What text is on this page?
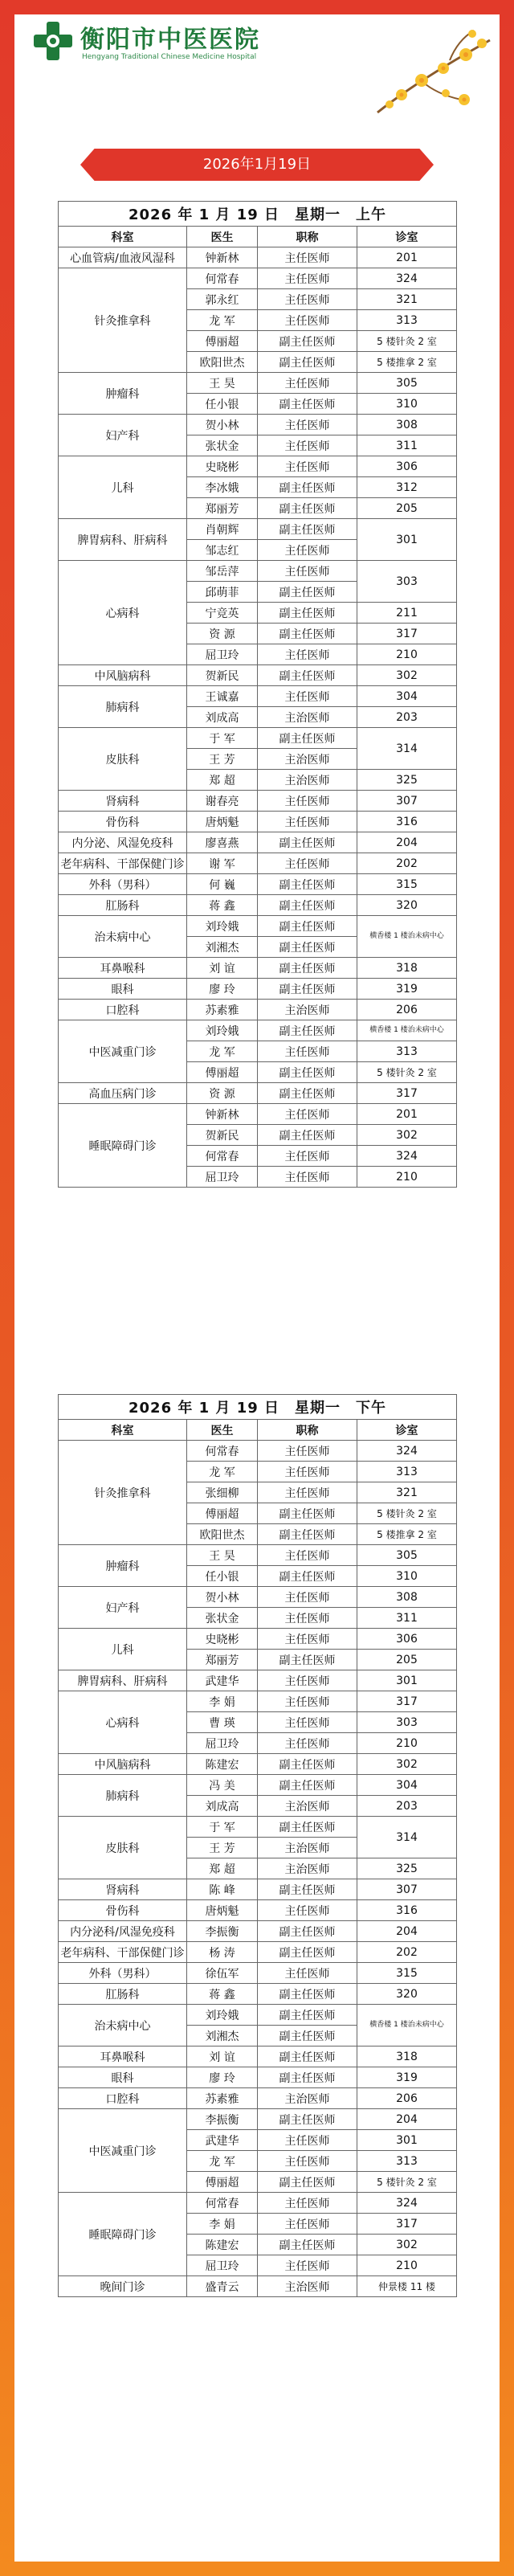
衡阳市中医医院
Hengyang Traditional Chinese Medicine Hospital
2026年1月19日
2026 年 1 月 19 日　星期一　上午			
科室	医生	职称	诊室
心血管病/血液风湿科	钟新林	主任医师	201
针灸推拿科	何常春	主任医师	324
	郭永红	主任医师	321
	龙 军	主任医师	313
	傅丽超	副主任医师	5 楼针灸 2 室
	欧阳世杰	副主任医师	5 楼推拿 2 室
肿瘤科	王 昊	主任医师	305
	任小银	副主任医师	310
妇产科	贺小林	主任医师	308
	张状金	主任医师	311
儿科	史晓彬	主任医师	306
	李冰娥	副主任医师	312
	郑丽芳	副主任医师	205
脾胃病科、肝病科	肖朝辉	副主任医师	301
	邹志红	主任医师	
心病科	邹岳萍	主任医师	303
	邱萌菲	副主任医师	
	宁竞英	副主任医师	211
	资 源	副主任医师	317
	屈卫玲	主任医师	210
中风脑病科	贺新民	副主任医师	302
肺病科	王诚嘉	主任医师	304
	刘成高	主治医师	203
皮肤科	于 军	副主任医师	314
	王 芳	主治医师	
	郑 超	主治医师	325
肾病科	谢春亮	主任医师	307
骨伤科	唐炳魁	主任医师	316
内分泌、风湿免疫科	廖喜燕	副主任医师	204
老年病科、干部保健门诊	谢 军	主任医师	202
外科（男科）	何 巍	副主任医师	315
肛肠科	蒋 鑫	副主任医师	320
治未病中心	刘玲娥	副主任医师	横香楼 1 楼治未病中心
	刘湘杰	副主任医师	
耳鼻喉科	刘 谊	副主任医师	318
眼科	廖 玲	副主任医师	319
口腔科	苏素雅	主治医师	206
中医减重门诊	刘玲娥	副主任医师	横香楼 1 楼治未病中心
	龙 军	主任医师	313
	傅丽超	副主任医师	5 楼针灸 2 室
高血压病门诊	资 源	副主任医师	317
睡眠障碍门诊	钟新林	主任医师	201
	贺新民	副主任医师	302
	何常春	主任医师	324
	屈卫玲	主任医师	210
2026 年 1 月 19 日　星期一　下午			
科室	医生	职称	诊室
针灸推拿科	何常春	主任医师	324
	龙 军	主任医师	313
	张细柳	主任医师	321
	傅丽超	副主任医师	5 楼针灸 2 室
	欧阳世杰	副主任医师	5 楼推拿 2 室
肿瘤科	王 昊	主任医师	305
	任小银	副主任医师	310
妇产科	贺小林	主任医师	308
	张状金	主任医师	311
儿科	史晓彬	主任医师	306
	郑丽芳	副主任医师	205
脾胃病科、肝病科	武建华	主任医师	301
心病科	李 娟	主任医师	317
	曹 瑛	主任医师	303
	屈卫玲	主任医师	210
中风脑病科	陈建宏	副主任医师	302
肺病科	冯 美	副主任医师	304
	刘成高	主治医师	203
皮肤科	于 军	副主任医师	314
	王 芳	主治医师	
	郑 超	主治医师	325
肾病科	陈 峰	副主任医师	307
骨伤科	唐炳魁	主任医师	316
内分泌科/风湿免疫科	李振衡	副主任医师	204
老年病科、干部保健门诊	杨 涛	副主任医师	202
外科（男科）	徐伍军	主任医师	315
肛肠科	蒋 鑫	副主任医师	320
治未病中心	刘玲娥	副主任医师	横香楼 1 楼治未病中心
	刘湘杰	副主任医师	
耳鼻喉科	刘 谊	副主任医师	318
眼科	廖 玲	副主任医师	319
口腔科	苏素雅	主治医师	206
中医减重门诊	李振衡	副主任医师	204
	武建华	主任医师	301
	龙 军	主任医师	313
	傅丽超	副主任医师	5 楼针灸 2 室
睡眠障碍门诊	何常春	主任医师	324
	李 娟	主任医师	317
	陈建宏	副主任医师	302
	屈卫玲	主任医师	210
晚间门诊	盛青云	主治医师	仲景楼 11 楼
